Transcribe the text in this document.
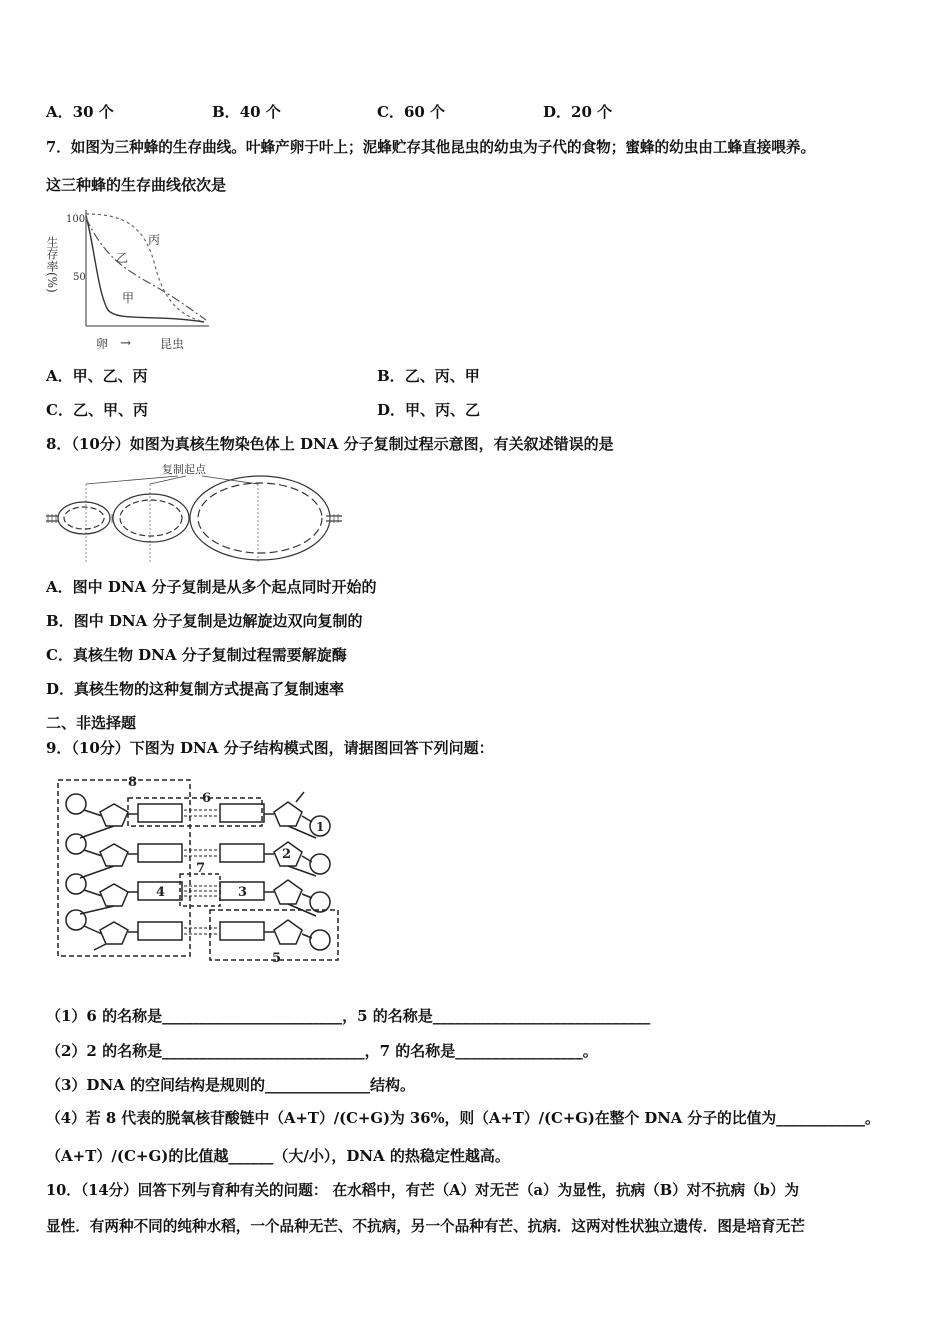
A．30 个	B．40 个	C．60 个	D．20 个
7．如图为三种蜂的生存曲线。叶蜂产卵于叶上；泥蜂贮存其他昆虫的幼虫为子代的食物；蜜蜂的幼虫由工蜂直接喂养。
这三种蜂的生存曲线依次是
生存率(%)
100
50
丙
乙
甲
卵 → 昆虫
A．甲、乙、丙	B．乙、丙、甲
C．乙、甲、丙	D．甲、丙、乙
8．（10分）如图为真核生物染色体上 DNA 分子复制过程示意图，有关叙述错误的是
复制起点
A．图中 DNA 分子复制是从多个起点同时开始的
B．图中 DNA 分子复制是边解旋边双向复制的
C．真核生物 DNA 分子复制过程需要解旋酶
D．真核生物的这种复制方式提高了复制速率
二、非选择题
9．（10分）下图为 DNA 分子结构模式图，请据图回答下列问题：
8
6
1
2
7
4	3
5
（1）6 的名称是________________________，5 的名称是_____________________________
（2）2 的名称是___________________________，7 的名称是_________________。
（3）DNA 的空间结构是规则的______________结构。
（4）若 8 代表的脱氧核苷酸链中（A+T）/(C+G)为 36%，则（A+T）/(C+G)在整个 DNA 分子的比值为____________。
（A+T）/(C+G)的比值越______（大/小），DNA 的热稳定性越高。
10．（14分）回答下列与育种有关的问题： 在水稻中，有芒（A）对无芒（a）为显性，抗病（B）对不抗病（b）为
显性．有两种不同的纯种水稻，一个品种无芒、不抗病，另一个品种有芒、抗病．这两对性状独立遗传．图是培育无芒
